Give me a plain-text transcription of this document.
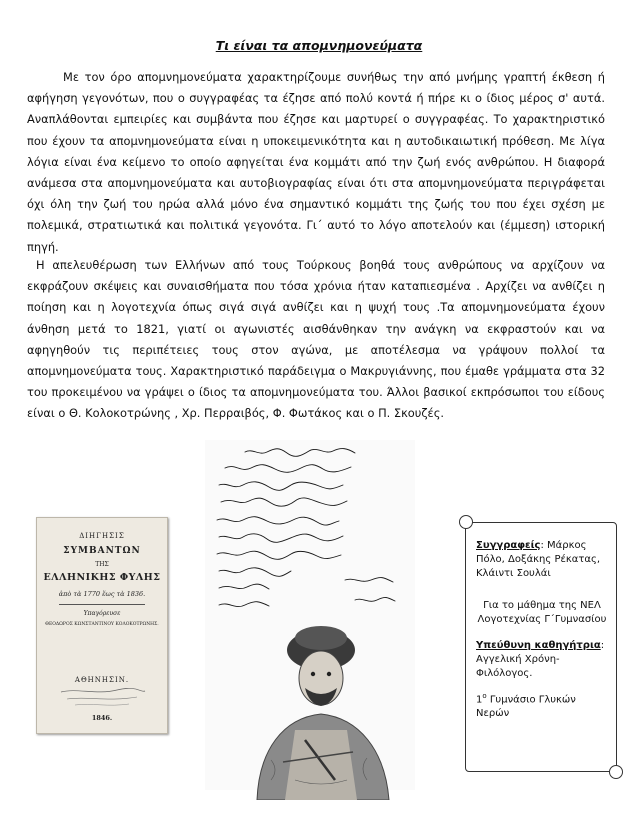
Τι είναι τα απομνημονεύματα

Με τον όρο απομνημονεύματα χαρακτηρίζουμε συνήθως την από μνήμης γραπτή έκθεση ή αφήγηση γεγονότων, που ο συγγραφέας τα έζησε από πολύ κοντά ή πήρε κι ο ίδιος μέρος σ' αυτά. Αναπλάθονται εμπειρίες και συμβάντα που έζησε και μαρτυρεί ο συγγραφέας. Το χαρακτηριστικό που έχουν τα απομνημονεύματα είναι η υποκειμενικότητα και η αυτοδικαιωτική πρόθεση. Με λίγα λόγια είναι ένα κείμενο το οποίο αφηγείται ένα κομμάτι από την ζωή ενός ανθρώπου. Η διαφορά ανάμεσα στα απομνημονεύματα και αυτοβιογραφίας είναι ότι στα απομνημονεύματα περιγράφεται όχι όλη την ζωή του ηρώα αλλά μόνο ένα σημαντικό κομμάτι της ζωής του που έχει σχέση με πολεμικά, στρατιωτικά και πολιτικά γεγονότα. Γι΄ αυτό το λόγο αποτελούν και (έμμεση) ιστορική πηγή.

Η απελευθέρωση των Ελλήνων από τους Τούρκους βοηθά τους ανθρώπους να αρχίζουν να εκφράζουν σκέψεις και συναισθήματα που τόσα χρόνια ήταν καταπιεσμένα . Αρχίζει να ανθίζει η ποίηση και η λογοτεχνία όπως σιγά σιγά ανθίζει και η ψυχή τους .Τα απομνημονεύματα έχουν άνθηση μετά το 1821, γιατί οι αγωνιστές αισθάνθηκαν την ανάγκη να εκφραστούν και να αφηγηθούν τις περιπέτειες τους στον αγώνα, με αποτέλεσμα να γράψουν πολλοί τα απομνημονεύματα τους. Χαρακτηριστικό παράδειγμα ο Μακρυγιάννης, που έμαθε γράμματα στα 32 του προκειμένου να γράψει ο ίδιος τα απομνημονεύματα του. Άλλοι βασικοί εκπρόσωποι του είδους είναι ο Θ. Κολοκοτρώνης , Χρ. Περραιβός, Φ. Φωτάκος και ο Π. Σκουζές.

ΔΙΗΓΗΣΙΣ
ΣΥΜΒΑΝΤΩΝ
ΤΗΣ
ΕΛΛΗΝΙΚΗΣ ΦΥΛΗΣ
ἀπὸ τὰ 1770 ἕως τὰ 1836.
Υπαγόρευσε
ΘΕΟΔΩΡΟΣ ΚΩΝΣΤΑΝΤΙΝΟΥ ΚΟΛΟΚΟΤΡΩΝΗΣ.
ΑΘΗΝΗΣΙΝ.
1846.

Συγγραφείς: Μάρκος Πόλο, Δοξάκης Ρέκατας, Κλάιντι Σουλάι

Για το μάθημα της ΝΕΛ Λογοτεχνίας Γ΄Γυμνασίου

Υπεύθυνη καθηγήτρια: Αγγελική Χρόνη- Φιλόλογος.

$1^o$ Γυμνάσιο Γλυκών Νερών
